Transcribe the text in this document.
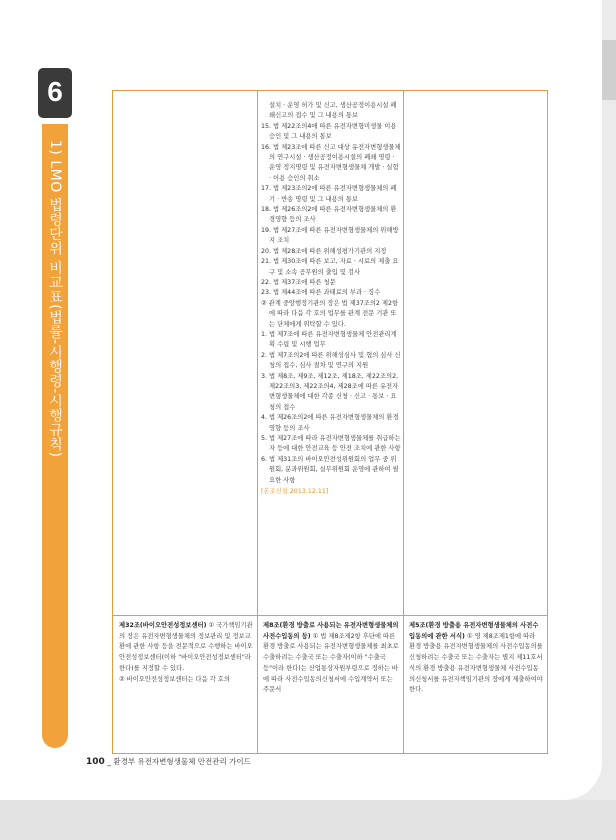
6
1) LMO 법령단위 비교표(법률-시행령-시행규칙)

설치 · 운영 허가 및 신고, 생산공정이용시설 폐쇄신고의 접수 및 그 내용의 통보

15. 법 제22조의4에 따른 유전자변형미생물 이용승인 및 그 내용의 통보

16. 법 제23조에 따른 신고 대상 유전자변형생물체의 연구시설 · 생산공정이용시설의 폐쇄 명령 · 운영 정지명령 및 유전자변형생물체 개발 · 실험 · 이용 승인의 취소

17. 법 제23조의2에 따른 유전자변형생물체의 폐기 · 반송 명령 및 그 내용의 통보

18. 법 제26조의2에 따른 유전자변형생물체의 환경영향 등의 조사

19. 법 제27조에 따른 유전자변형생물체의 위해방지 조치

20. 법 제28조에 따른 위해성평가기관의 지정

21. 법 제30조에 따른 보고, 자료 · 시료의 제출 요구 및 소속 공무원의 출입 및 검사

22. 법 제37조에 따른 청문

23. 법 제44조에 따른 과태료의 부과 · 징수

② 관계 중앙행정기관의 장은 법 제37조의2 제2항에 따라 다음 각 호의 업무를 관계 전문 기관 또는 단체에게 위탁할 수 있다.

1. 법 제7조에 따른 유전자변형생물체 안전관리계획 수립 및 시행 업무

2. 법 제7조의2에 따른 위해성심사 및 협의 심사 신청의 접수, 심사 절차 및 연구의 지원

3. 법 제8조, 제9조, 제12조, 제18조, 제22조의2, 제22조의3, 제22조의4, 제28조에 따른 유전자변형생물체에 대한 각종 신청 · 신고 · 통보 · 요청의 접수

4. 법 제26조의2에 따른 유전자변형생물체의 환경영향 등의 조사

5. 법 제27조에 따라 유전자변형생물체를 취급하는 자 등에 대한 안전교육 등 안전 조치에 관한 사항

6. 법 제31조의 바이오안전성위원회의 업무 중 위원회, 분과위원회, 실무위원회 운영에 관하여 필요한 사항

[본조신설 2013.12.11]
제32조(바이오안전성정보센터) ① 국가책임기관의 장은 유전자변형생물체의 정보관리 및 정보교환에 관한 사항 등을 전문적으로 수행하는 바이오안전성정보센터(이하 "바이오안전성정보센터"라 한다)를 지정할 수 있다.
② 바이오안전성정보센터는 다음 각 호의
제8조(환경 방출로 사용되는 유전자변형생물체의 사전수입동의 등) ① 법 제8조제2항 후단에 따른 환경 방출로 사용되는 유전자변형생물체를 최초로 수출하려는 수출국 또는 수출자(이하 "수출국등"이라 한다)는 산업통상자원부령으로 정하는 바에 따라 사전수입동의신청서에 수입계약서 또는 주문서
제5조(환경 방출용 유전자변형생물체의 사전수입동의에 관한 서식) ① 영 제8조제1항에 따라 환경 방출용 유전자변형생물체의 사전수입동의를 신청하려는 수출국 또는 수출자는 별지 제11호서식의 환경 방출용 유전자변형생물체 사전수입동의신청서를 유전자책임기관의 장에게 제출하여야 한다.
100 _ 환경부 유전자변형생물체 안전관리 가이드
